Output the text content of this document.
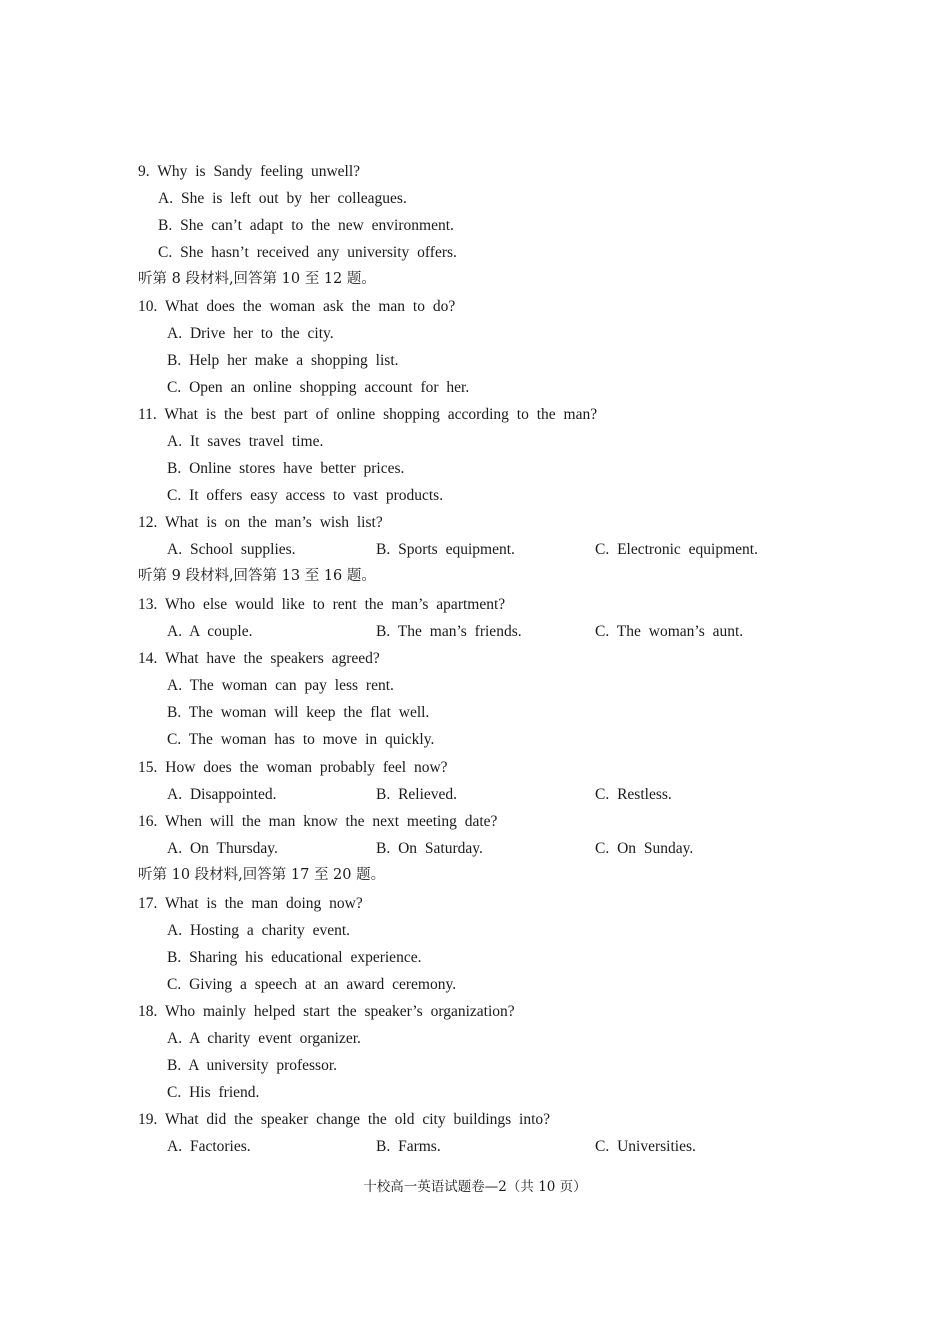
9. Why is Sandy feeling unwell?
A. She is left out by her colleagues.
B. She can’t adapt to the new environment.
C. She hasn’t received any university offers.
听第 8 段材料,回答第 10 至 12 题。
10. What does the woman ask the man to do?
A. Drive her to the city.
B. Help her make a shopping list.
C. Open an online shopping account for her.
11. What is the best part of online shopping according to the man?
A. It saves travel time.
B. Online stores have better prices.
C. It offers easy access to vast products.
12. What is on the man’s wish list?
A. School supplies.	B. Sports equipment.	C. Electronic equipment.
听第 9 段材料,回答第 13 至 16 题。
13. Who else would like to rent the man’s apartment?
A. A couple.	B. The man’s friends.	C. The woman’s aunt.
14. What have the speakers agreed?
A. The woman can pay less rent.
B. The woman will keep the flat well.
C. The woman has to move in quickly.
15. How does the woman probably feel now?
A. Disappointed.	B. Relieved.	C. Restless.
16. When will the man know the next meeting date?
A. On Thursday.	B. On Saturday.	C. On Sunday.
听第 10 段材料,回答第 17 至 20 题。
17. What is the man doing now?
A. Hosting a charity event.
B. Sharing his educational experience.
C. Giving a speech at an award ceremony.
18. Who mainly helped start the speaker’s organization?
A. A charity event organizer.
B. A university professor.
C. His friend.
19. What did the speaker change the old city buildings into?
A. Factories.	B. Farms.	C. Universities.
十校高一英语试题卷—2（共 10 页）
